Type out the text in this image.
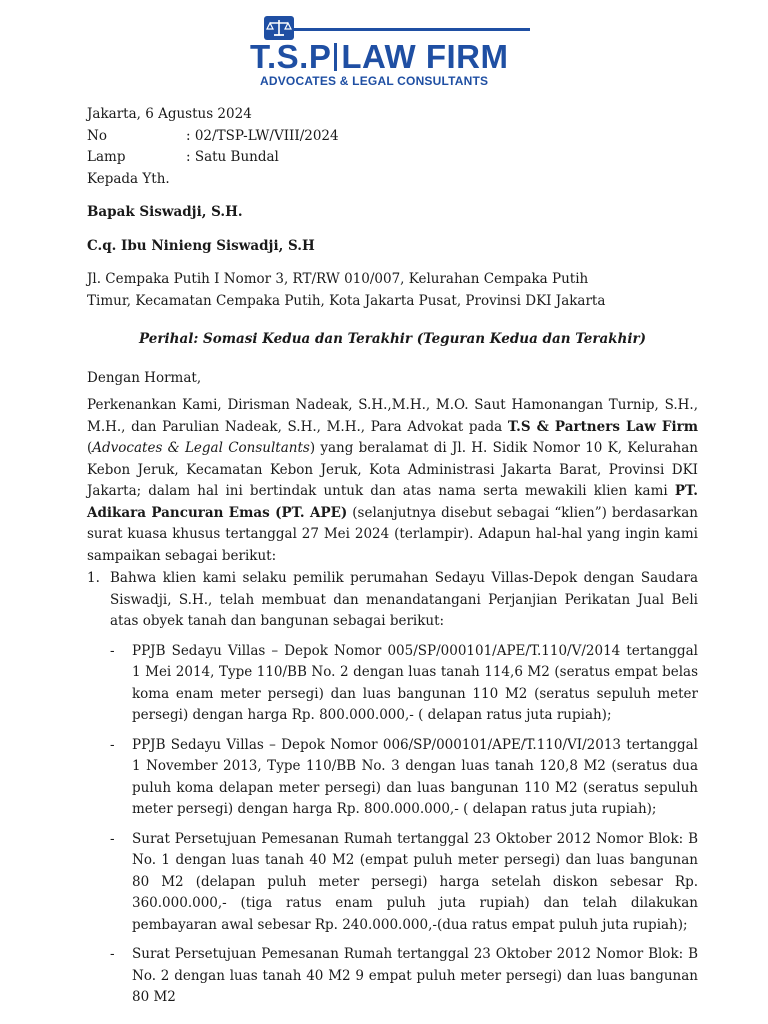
T.S.P LAW FIRM
ADVOCATES & LEGAL CONSULTANTS
Jakarta, 6 Agustus 2024
No	: 02/TSP-LW/VIII/2024
Lamp	: Satu Bundal
Kepada Yth.
Bapak Siswadji, S.H.
C.q. Ibu Ninieng Siswadji, S.H
Jl. Cempaka Putih I Nomor 3, RT/RW 010/007, Kelurahan Cempaka Putih
Timur, Kecamatan Cempaka Putih, Kota Jakarta Pusat, Provinsi DKI Jakarta
Perihal: Somasi Kedua dan Terakhir (Teguran Kedua dan Terakhir)
Dengan Hormat,

Perkenankan Kami, Dirisman Nadeak, S.H.,M.H., M.O. Saut Hamonangan Turnip, S.H., M.H., dan Parulian Nadeak, S.H., M.H., Para Advokat pada T.S & Partners Law Firm (Advocates & Legal Consultants) yang beralamat di Jl. H. Sidik Nomor 10 K, Kelurahan Kebon Jeruk, Kecamatan Kebon Jeruk, Kota Administrasi Jakarta Barat, Provinsi DKI Jakarta; dalam hal ini bertindak untuk dan atas nama serta mewakili klien kami PT. Adikara Pancuran Emas (PT. APE) (selanjutnya disebut sebagai “klien”) berdasarkan surat kuasa khusus tertanggal 27 Mei 2024 (terlampir). Adapun hal-hal yang ingin kami sampaikan sebagai berikut:

1. Bahwa klien kami selaku pemilik perumahan Sedayu Villas-Depok dengan Saudara Siswadji, S.H., telah membuat dan menandatangani Perjanjian Perikatan Jual Beli atas obyek tanah dan bangunan sebagai berikut:
-	PPJB Sedayu Villas – Depok Nomor 005/SP/000101/APE/T.110/V/2014 tertanggal 1 Mei 2014, Type 110/BB No. 2 dengan luas tanah 114,6 M2 (seratus empat belas koma enam meter persegi) dan luas bangunan 110 M2 (seratus sepuluh meter persegi) dengan harga Rp. 800.000.000,- ( delapan ratus juta rupiah);
-	PPJB Sedayu Villas – Depok Nomor 006/SP/000101/APE/T.110/VI/2013 tertanggal 1 November 2013, Type 110/BB No. 3 dengan luas tanah 120,8 M2 (seratus dua puluh koma delapan meter persegi) dan luas bangunan 110 M2 (seratus sepuluh meter persegi) dengan harga Rp. 800.000.000,- ( delapan ratus juta rupiah);
-	Surat Persetujuan Pemesanan Rumah tertanggal 23 Oktober 2012 Nomor Blok: B No. 1 dengan luas tanah 40 M2 (empat puluh meter persegi) dan luas bangunan 80 M2 (delapan puluh meter persegi) harga setelah diskon sebesar Rp. 360.000.000,- (tiga ratus enam puluh juta rupiah) dan telah dilakukan pembayaran awal sebesar Rp. 240.000.000,-(dua ratus empat puluh juta rupiah);
-	Surat Persetujuan Pemesanan Rumah tertanggal 23 Oktober 2012 Nomor Blok: B No. 2 dengan luas tanah 40 M2 9 empat puluh meter persegi) dan luas bangunan 80 M2
